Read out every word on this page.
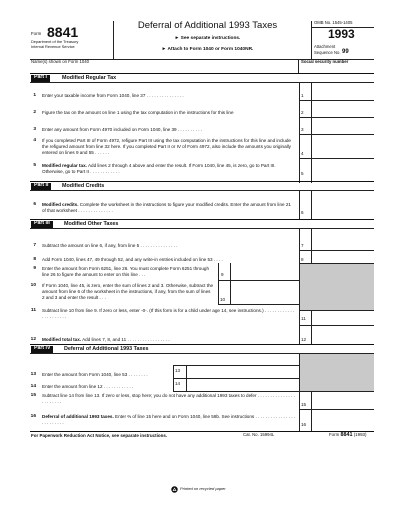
Form 8841
Department of the Treasury
Internal Revenue Service
Deferral of Additional 1993 Taxes
► See separate instructions.
► Attach to Form 1040 or Form 1040NR.
OMB No. 1545-1405
1993
Attachment
Sequence No. 99
Name(s) shown on Form 1040	Social security number
Part I	Modified Regular Tax
1 Enter your taxable income from Form 1040, line 37 . . . . . . . . . . . . . . .	1
2 Figure the tax on the amount on line 1 using the tax computation in the instructions for this line	2
3 Enter any amount from Form 4970 included on Form 1040, line 39 . . . . . . . . . .	3
4 If you completed Part III of Form 4972, refigure Part III using the tax computation in the instructions for this line and include the refigured amount from line 32 here. If you completed Part II or IV of Form 4972, also include the amounts you originally entered on lines 9 and 55 . . . . . .	4
5 Modified regular tax. Add lines 2 through 4 above and enter the result. If Form 1040, line 45, is zero, go to Part III. Otherwise, go to Part II . . . . . . . . . . . .	5
Part II	Modified Credits
6 Modified credits. Complete the worksheet in the instructions to figure your modified credits. Enter the amount from line 21 of that worksheet . . . . . . . . . . . . . .	6
Part III	Modified Other Taxes
7 Subtract the amount on line 6, if any, from line 5 . . . . . . . . . . . . . . .	7
8 Add Form 1040, lines 47, 49 through 52, and any write-in entries included on line 53 . . . .	8
9 Enter the amount from Form 6251, line 26. You must complete Form 6251 through line 26 to figure the amount to enter on this line . . .	9
10 If Form 1040, line 45, is zero, enter the sum of lines 2 and 3. Otherwise, subtract the amount from line 6 of the worksheet in the instructions, if any, from the sum of lines 2 and 3 and enter the result . . .	10
11 Subtract line 10 from line 9. If zero or less, enter -0-. (If this form is for a child under age 14, see instructions.) . . . . . . . . . . . . . . . . . . . . . .	11
12 Modified total tax. Add lines 7, 8, and 11 . . . . . . . . . . . . . . . . .	12
Part IV	Deferral of Additional 1993 Taxes
13 Enter the amount from Form 1040, line 53 . . . . . . . .
13
14 Enter the amount from line 12 . . . . . . . . . . . .
14
15 Subtract line 14 from line 13. If zero or less, stop here; you do not have any additional 1993 taxes to defer . . . . . . . . . . . . . . . . . . . . . . .
15
16 Deferral of additional 1993 taxes. Enter ⅔ of line 15 here and on Form 1040, line 58b. See instructions . . . . . . . . . . . . . . . . . . . . . . . . .	16
For Paperwork Reduction Act Notice, see separate instructions.	Cat. No. 15994L	Form 8841 (1993)
Printed on recycled paper
